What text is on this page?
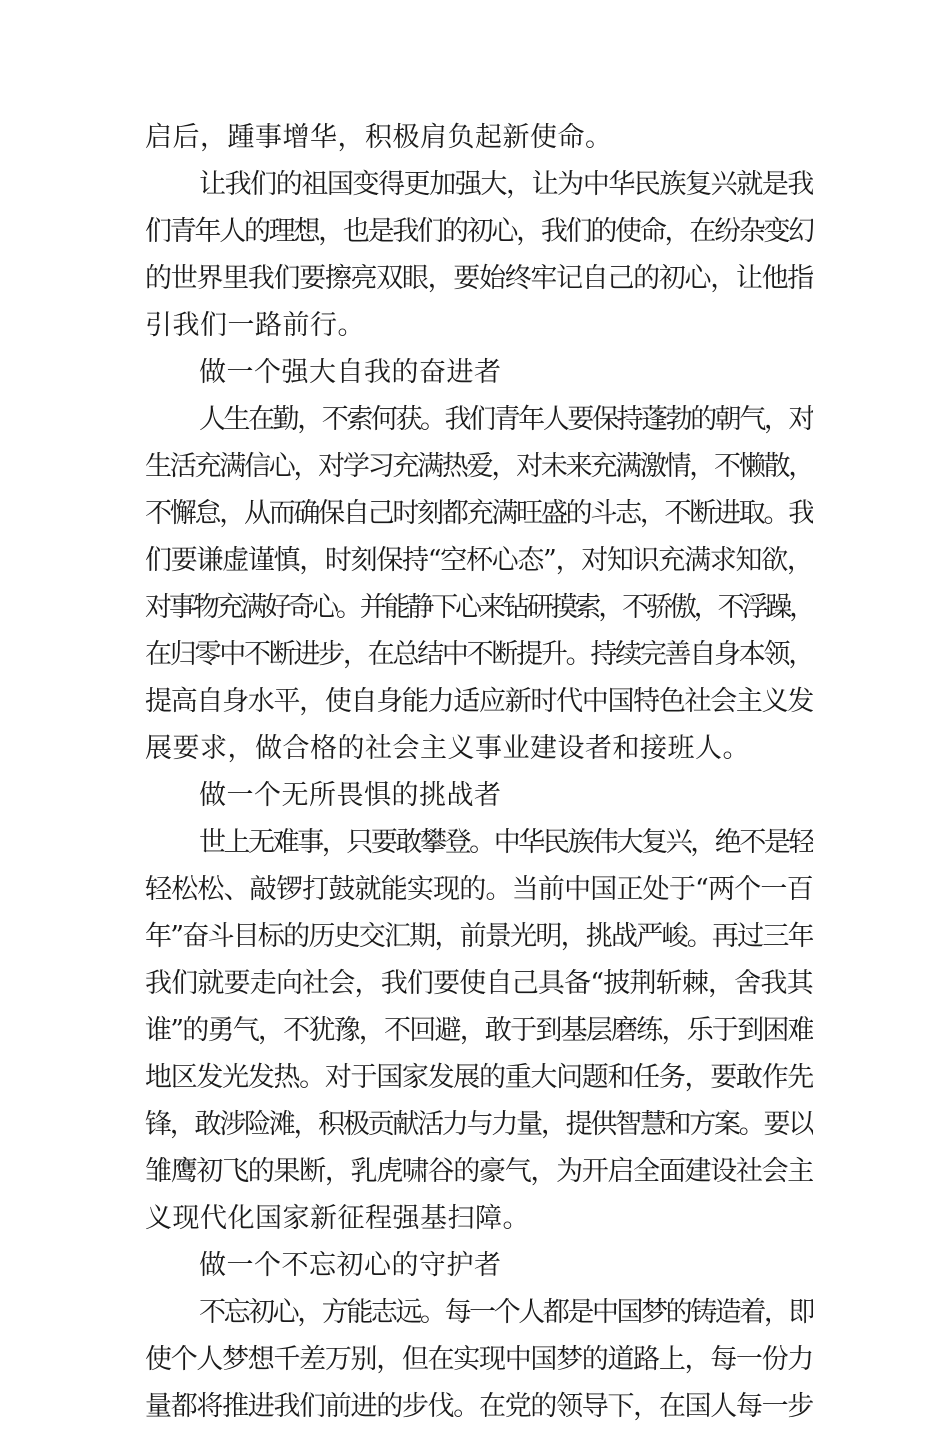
启后，踵事增华，积极肩负起新使命。
让我们的祖国变得更加强大，让为中华民族复兴就是我
们青年人的理想，也是我们的初心，我们的使命，在纷杂变幻
的世界里我们要擦亮双眼，要始终牢记自己的初心，让他指
引我们一路前行。
做一个强大自我的奋进者
人生在勤，不索何获。我们青年人要保持蓬勃的朝气，对
生活充满信心，对学习充满热爱，对未来充满激情，不懒散，
不懈怠，从而确保自己时刻都充满旺盛的斗志，不断进取。我
们要谦虚谨慎，时刻保持“空杯心态”，对知识充满求知欲，
对事物充满好奇心。并能静下心来钻研摸索，不骄傲，不浮躁，
在归零中不断进步，在总结中不断提升。持续完善自身本领，
提高自身水平，使自身能力适应新时代中国特色社会主义发
展要求，做合格的社会主义事业建设者和接班人。
做一个无所畏惧的挑战者
世上无难事，只要敢攀登。中华民族伟大复兴，绝不是轻
轻松松、敲锣打鼓就能实现的。当前中国正处于“两个一百
年”奋斗目标的历史交汇期，前景光明，挑战严峻。再过三年
我们就要走向社会，我们要使自己具备“披荆斩棘，舍我其
谁”的勇气，不犹豫，不回避，敢于到基层磨练，乐于到困难
地区发光发热。对于国家发展的重大问题和任务，要敢作先
锋，敢涉险滩，积极贡献活力与力量，提供智慧和方案。要以
雏鹰初飞的果断，乳虎啸谷的豪气，为开启全面建设社会主
义现代化国家新征程强基扫障。
做一个不忘初心的守护者
不忘初心，方能志远。每一个人都是中国梦的铸造着，即
使个人梦想千差万别，但在实现中国梦的道路上，每一份力
量都将推进我们前进的步伐。在党的领导下，在国人每一步
